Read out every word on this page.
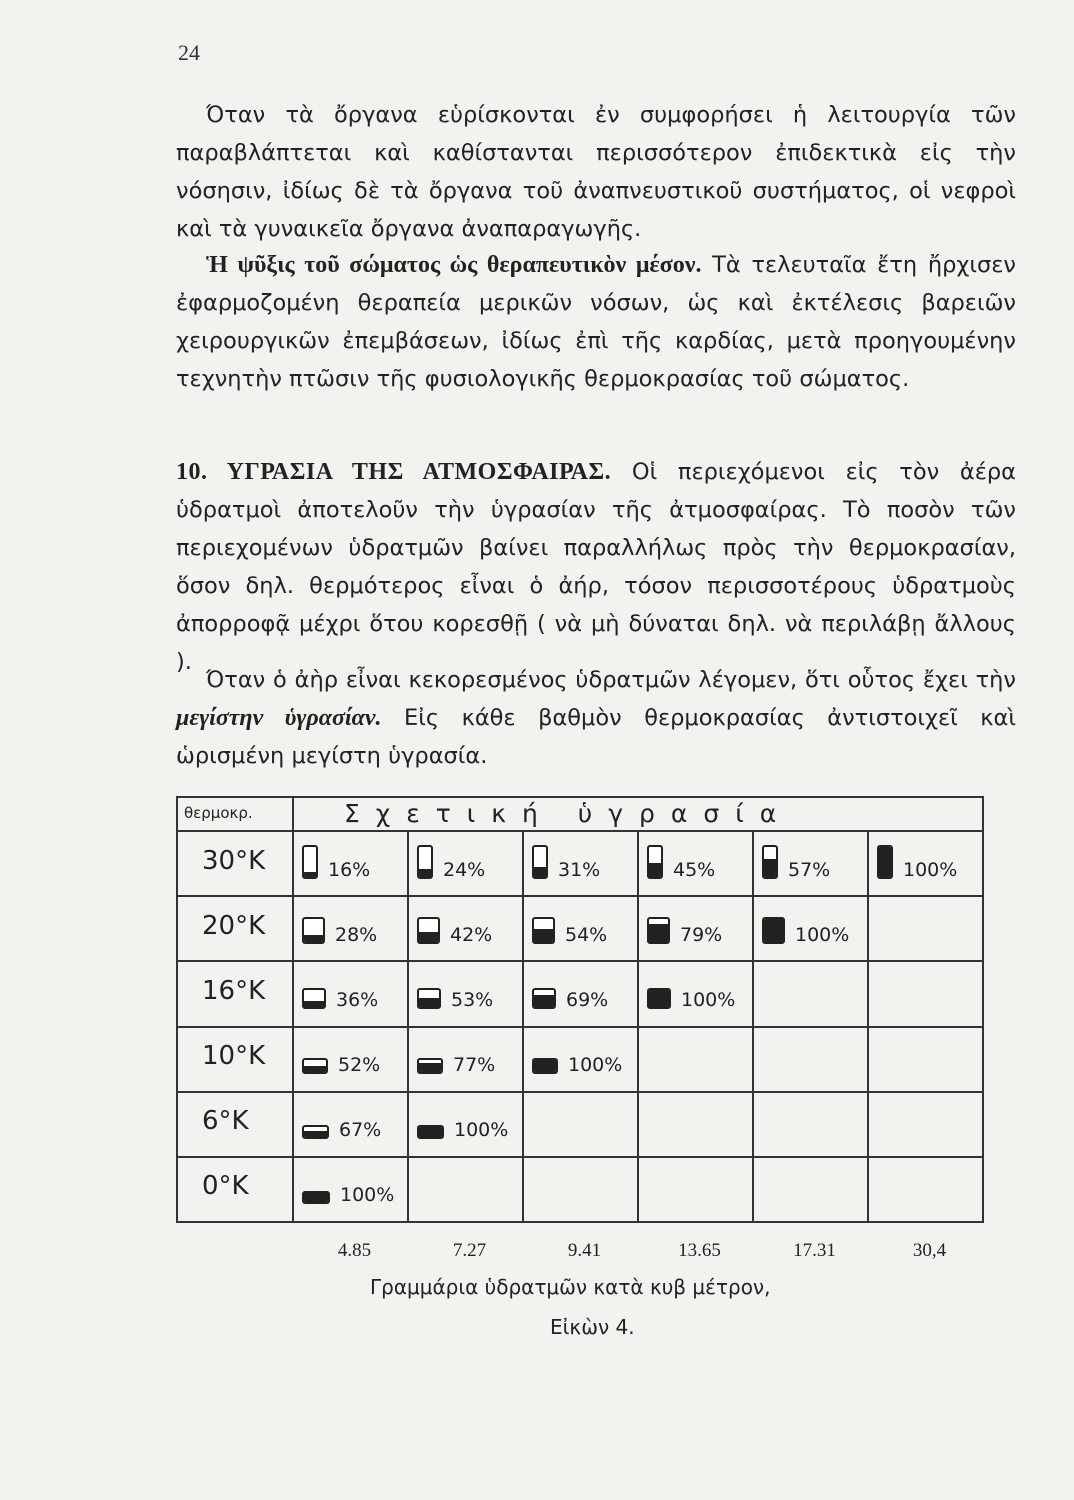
24

Όταν τὰ ὄργανα εὑρίσκονται ἐν συμφορήσει ἡ λειτουργία τῶν παραβλάπτεται καὶ καθίστανται περισσότερον ἐπιδεκτικὰ εἰς τὴν νόσησιν, ἰδίως δὲ τὰ ὄργανα τοῦ ἀναπνευστικοῦ συστήματος, οἱ νεφροὶ καὶ τὰ γυναικεῖα ὄργανα ἀναπαραγωγῆς.

Ἡ ψῦξις τοῦ σώματος ὡς θεραπευτικὸν μέσον. Τὰ τελευταῖα ἔτη ἤρχισεν ἐφαρμοζομένη θεραπεία μερικῶν νόσων, ὡς καὶ ἐκτέλεσις βαρειῶν χειρουργικῶν ἐπεμβάσεων, ἰδίως ἐπὶ τῆς καρδίας, μετὰ προηγουμένην τεχνητὴν πτῶσιν τῆς φυσιολογικῆς θερμοκρασίας τοῦ σώματος.

10. ΥΓΡΑΣΙΑ ΤΗΣ ΑΤΜΟΣΦΑΙΡΑΣ. Οἱ περιεχόμενοι εἰς τὸν ἀέρα ὑδρατμοὶ ἀποτελοῦν τὴν ὑγρασίαν τῆς ἀτμοσφαίρας. Τὸ ποσὸν τῶν περιεχομένων ὑδρατμῶν βαίνει παραλλήλως πρὸς τὴν θερμοκρασίαν, ὅσον δηλ. θερμότερος εἶναι ὁ ἀήρ, τόσον περισσοτέρους ὑδρατμοὺς ἀπορροφᾷ μέχρι ὅτου κορεσθῇ ( νὰ μὴ δύναται δηλ. νὰ περιλάβῃ ἄλλους ).

Όταν ὁ ἀὴρ εἶναι κεκορεσμένος ὑδρατμῶν λέγομεν, ὅτι οὗτος ἔχει τὴν μεγίστην ὑγρασίαν. Εἰς κάθε βαθμὸν θερμοκρασίας ἀντιστοιχεῖ καὶ ὡρισμένη μεγίστη ὑγρασία.

θερμοκρ.	Σχετική ὑγρασία
30°K	16%	24%	31%	45%	57%	100%
20°K	28%	42%	54%	79%	100%
16°K	36%	53%	69%	100%
10°K	52%	77%	100%
6°K	67%	100%
0°K	100%
4.85	7.27	9.41	13.65	17.31	30,4
Γραμμάρια ὑδρατμῶν κατὰ κυβ μέτρον,
Εἰκὼν 4.
